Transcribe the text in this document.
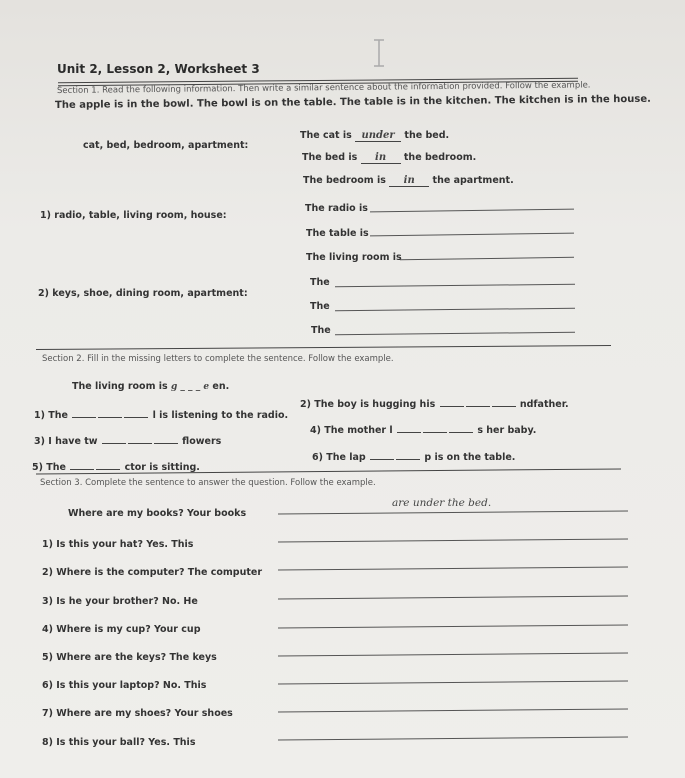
Unit 2, Lesson 2, Worksheet 3
Section 1. Read the following information. Then write a similar sentence about the information provided. Follow the example.
The apple is in the bowl. The bowl is on the table. The table is in the kitchen. The kitchen is in the house.
cat, bed, bedroom, apartment:
The cat is under the bed.
The bed is in the bedroom.
The bedroom is in the apartment.
1) radio, table, living room, house:
The radio is
The table is
The living room is
2) keys, shoe, dining room, apartment:
The
The
The
Section 2. Fill in the missing letters to complete the sentence. Follow the example.
The living room is g _ _ _ e en.
1) The	l is listening to the radio.
2) The boy is hugging his	ndfather.
3) I have tw	flowers
4) The mother l	s her baby.
5) The	ctor is sitting.
6) The lap	p is on the table.
Section 3. Complete the sentence to answer the question. Follow the example.
Where are my books? Your books
are under the bed.
1) Is this your hat? Yes. This
2) Where is the computer? The computer
3) Is he your brother? No. He
4) Where is my cup? Your cup
5) Where are the keys? The keys
6) Is this your laptop? No. This
7) Where are my shoes? Your shoes
8) Is this your ball? Yes. This
